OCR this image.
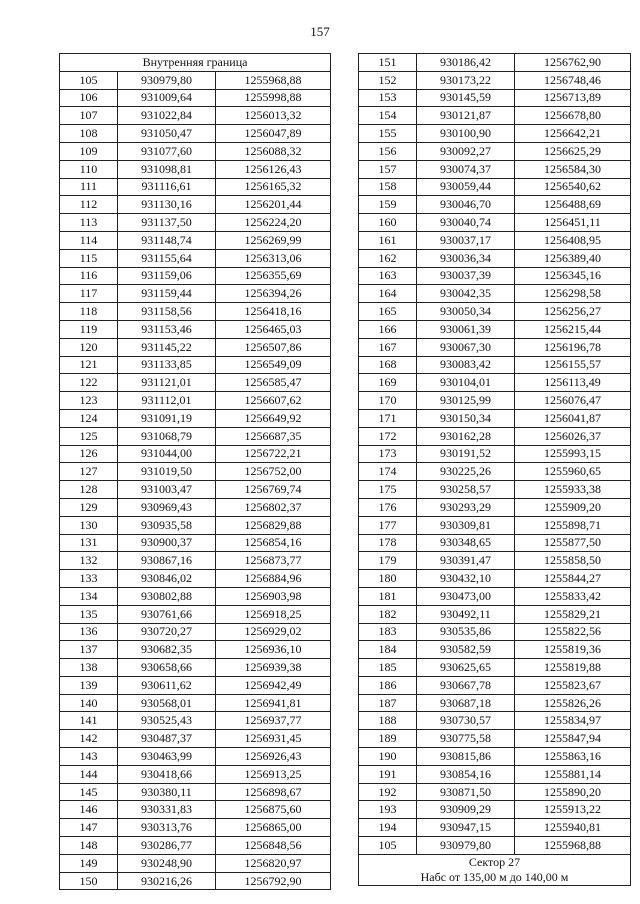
157
Внутренняя граница		
105	930979,80	1255968,88
106	931009,64	1255998,88
107	931022,84	1256013,32
108	931050,47	1256047,89
109	931077,60	1256088,32
110	931098,81	1256126,43
111	931116,61	1256165,32
112	931130,16	1256201,44
113	931137,50	1256224,20
114	931148,74	1256269,99
115	931155,64	1256313,06
116	931159,06	1256355,69
117	931159,44	1256394,26
118	931158,56	1256418,16
119	931153,46	1256465,03
120	931145,22	1256507,86
121	931133,85	1256549,09
122	931121,01	1256585,47
123	931112,01	1256607,62
124	931091,19	1256649,92
125	931068,79	1256687,35
126	931044,00	1256722,21
127	931019,50	1256752,00
128	931003,47	1256769,74
129	930969,43	1256802,37
130	930935,58	1256829,88
131	930900,37	1256854,16
132	930867,16	1256873,77
133	930846,02	1256884,96
134	930802,88	1256903,98
135	930761,66	1256918,25
136	930720,27	1256929,02
137	930682,35	1256936,10
138	930658,66	1256939,38
139	930611,62	1256942,49
140	930568,01	1256941,81
141	930525,43	1256937,77
142	930487,37	1256931,45
143	930463,99	1256926,43
144	930418,66	1256913,25
145	930380,11	1256898,67
146	930331,83	1256875,60
147	930313,76	1256865,00
148	930286,77	1256848,56
149	930248,90	1256820,97
150	930216,26	1256792,90
151	930186,42	1256762,90
152	930173,22	1256748,46
153	930145,59	1256713,89
154	930121,87	1256678,80
155	930100,90	1256642,21
156	930092,27	1256625,29
157	930074,37	1256584,30
158	930059,44	1256540,62
159	930046,70	1256488,69
160	930040,74	1256451,11
161	930037,17	1256408,95
162	930036,34	1256389,40
163	930037,39	1256345,16
164	930042,35	1256298,58
165	930050,34	1256256,27
166	930061,39	1256215,44
167	930067,30	1256196,78
168	930083,42	1256155,57
169	930104,01	1256113,49
170	930125,99	1256076,47
171	930150,34	1256041,87
172	930162,28	1256026,37
173	930191,52	1255993,15
174	930225,26	1255960,65
175	930258,57	1255933,38
176	930293,29	1255909,20
177	930309,81	1255898,71
178	930348,65	1255877,50
179	930391,47	1255858,50
180	930432,10	1255844,27
181	930473,00	1255833,42
182	930492,11	1255829,21
183	930535,86	1255822,56
184	930582,59	1255819,36
185	930625,65	1255819,88
186	930667,78	1255823,67
187	930687,18	1255826,26
188	930730,57	1255834,97
189	930775,58	1255847,94
190	930815,86	1255863,16
191	930854,16	1255881,14
192	930871,50	1255890,20
193	930909,29	1255913,22
194	930947,15	1255940,81
105	930979,80	1255968,88

Сектор 27
Набс от 135,00 м до 140,00 м		
